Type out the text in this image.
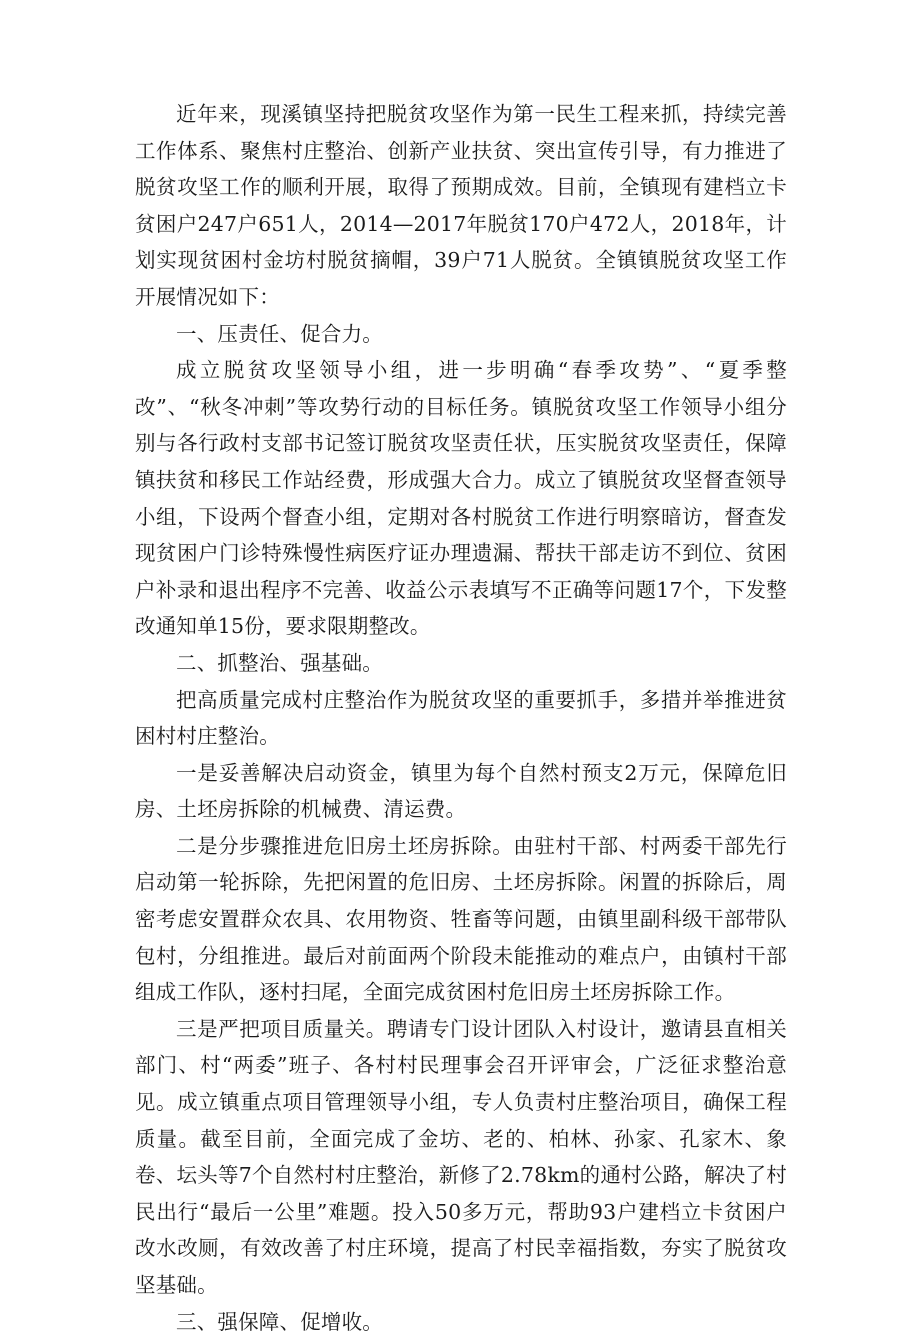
近年来，现溪镇坚持把脱贫攻坚作为第一民生工程来抓，持续完善工作体系、聚焦村庄整治、创新产业扶贫、突出宣传引导，有力推进了脱贫攻坚工作的顺利开展，取得了预期成效。目前，全镇现有建档立卡贫困户247户651人，2014—2017年脱贫170户472人，2018年，计划实现贫困村金坊村脱贫摘帽，39户71人脱贫。全镇镇脱贫攻坚工作开展情况如下：

一、压责任、促合力。

成立脱贫攻坚领导小组，进一步明确“春季攻势”、“夏季整改”、“秋冬冲刺”等攻势行动的目标任务。镇脱贫攻坚工作领导小组分别与各行政村支部书记签订脱贫攻坚责任状，压实脱贫攻坚责任，保障镇扶贫和移民工作站经费，形成强大合力。成立了镇脱贫攻坚督查领导小组，下设两个督查小组，定期对各村脱贫工作进行明察暗访，督查发现贫困户门诊特殊慢性病医疗证办理遗漏、帮扶干部走访不到位、贫困户补录和退出程序不完善、收益公示表填写不正确等问题17个，下发整改通知单15份，要求限期整改。

二、抓整治、强基础。

把高质量完成村庄整治作为脱贫攻坚的重要抓手，多措并举推进贫困村村庄整治。

一是妥善解决启动资金，镇里为每个自然村预支2万元，保障危旧房、土坯房拆除的机械费、清运费。

二是分步骤推进危旧房土坯房拆除。由驻村干部、村两委干部先行启动第一轮拆除，先把闲置的危旧房、土坯房拆除。闲置的拆除后，周密考虑安置群众农具、农用物资、牲畜等问题，由镇里副科级干部带队包村，分组推进。最后对前面两个阶段未能推动的难点户，由镇村干部组成工作队，逐村扫尾，全面完成贫困村危旧房土坯房拆除工作。

三是严把项目质量关。聘请专门设计团队入村设计，邀请县直相关部门、村“两委”班子、各村村民理事会召开评审会，广泛征求整治意见。成立镇重点项目管理领导小组，专人负责村庄整治项目，确保工程质量。截至目前，全面完成了金坊、老的、柏林、孙家、孔家木、象卷、坛头等7个自然村村庄整治，新修了2.78km的通村公路，解决了村民出行“最后一公里”难题。投入50多万元，帮助93户建档立卡贫困户改水改厕，有效改善了村庄环境，提高了村民幸福指数，夯实了脱贫攻坚基础。

三、强保障、促增收。
